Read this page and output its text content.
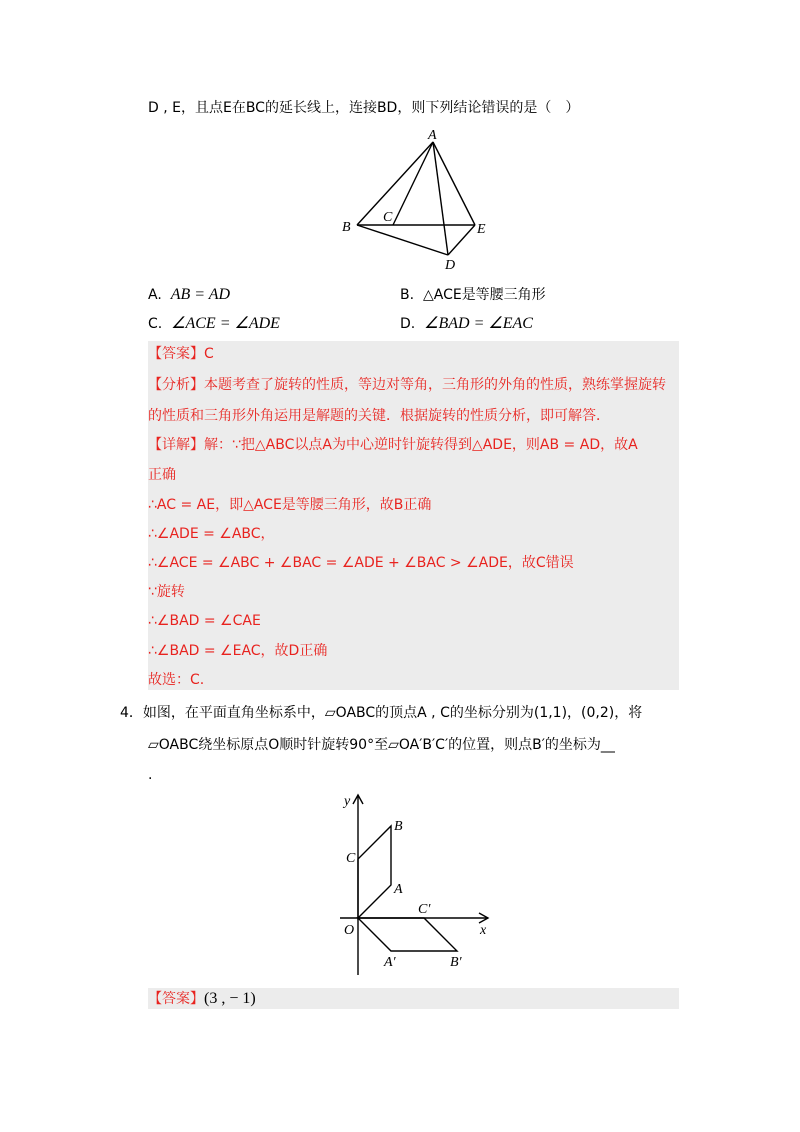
D , E，且点E在BC的延长线上，连接BD，则下列结论错误的是（　）
A
B
C
D
E
A. AB = AD	B. △ACE是等腰三角形
C. ∠ACE = ∠ADE	D. ∠BAD = ∠EAC
【答案】C
【分析】本题考查了旋转的性质，等边对等角，三角形的外角的性质，熟练掌握旋转
的性质和三角形外角运用是解题的关键．根据旋转的性质分析，即可解答．
【详解】解：∵把△ABC以点A为中心逆时针旋转得到△ADE，则AB = AD，故A
正确
∴AC = AE，即△ACE是等腰三角形，故B正确
∴∠ADE = ∠ABC，
∴∠ACE = ∠ABC + ∠BAC = ∠ADE + ∠BAC > ∠ADE，故C错误
∵旋转
∴∠BAD = ∠CAE
∴∠BAD = ∠EAC，故D正确
故选：C.
4．如图，在平面直角坐标系中，▱OABC的顶点A , C的坐标分别为(1,1)，(0,2)，将
▱OABC绕坐标原点O顺时针旋转90°至▱OA′B′C′的位置，则点B′的坐标为__
.
y
x
O
A
B
C
A′	B′
C′
【答案】(3 , − 1)
